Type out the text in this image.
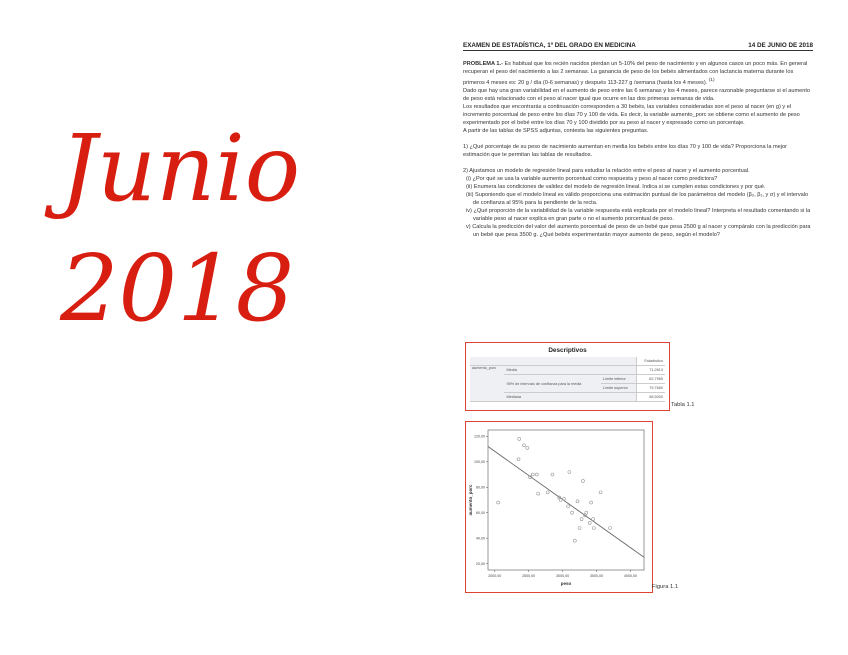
Junio
2018
EXAMEN DE ESTADÍSTICA, 1º DEL GRADO EN MEDICINA	14 DE JUNIO DE 2018

PROBLEMA 1.- Es habitual que los recién nacidos pierdan un 5-10% del peso de nacimiento y en algunos casos un poco más. En general recuperan el peso del nacimiento a las 2 semanas. La ganancia de peso de los bebés alimentados con lactancia materna durante los primeros 4 meses es: 20 g / día (0-6 semanas) y después 113-227 g /semana (hasta los 4 meses). $^{(1)}$

Dado que hay una gran variabilidad en el aumento de peso entre las 6 semanas y los 4 meses, parece razonable preguntarse si el aumento de peso está relacionado con el peso al nacer igual que ocurre en las dos primeras semanas de vida.

Los resultados que encontrarás a continuación corresponden a 30 bebés, las variables consideradas son el peso al nacer (en g) y el incremento porcentual de peso entre los días 70 y 100 de vida. Es decir, la variable aumento_porc se obtiene como el aumento de peso experimentado por el bebé entre los días 70 y 100 dividido por su peso al nacer y expresado como un porcentaje.

A partir de las tablas de SPSS adjuntas, contesta las siguientes preguntas.

1) ¿Qué porcentaje de su peso de nacimiento aumentan en media los bebés entre los días 70 y 100 de vida? Proporciona la mejor estimación que te permitan las tablas de resultados.

2) Ajustamos un modelo de regresión lineal para estudiar la relación entre el peso al nacer y el aumento porcentual.

(i) ¿Por qué se usa la variable aumento porcentual como respuesta y peso al nacer como predictora?

(ii) Enumera las condiciones de validez del modelo de regresión lineal. Indica si se cumplen estas condiciones y por qué.

(iii) Suponiendo que el modelo lineal es válido proporciona una estimación puntual de los parámetros del modelo (β₀, β₁, y σ) y el intervalo de confianza al 95% para la pendiente de la recta.

iv) ¿Qué proporción de la variabilidad de la variable respuesta está explicada por el modelo lineal? Interpreta el resultado comentando si la variable peso al nacer explica en gran parte o no el aumento porcentual de peso.

v) Calcula la predicción del valor del aumento porcentual de peso de un bebé que pesa 2500 g al nacer y compáralo con la predicción para un bebé que pesa 3500 g. ¿Qué bebés experimentarán mayor aumento de peso, según el modelo?

Descriptivos
			Estadístico
aumento_porc	Media		71,2613
	95% de intervalo de confianza para la media	Límite inferior	62,7965
		Límite superior	79,7660
	Mediana		68,5000
Tabla 1.1
2000,00	2500,00	3000,00	3500,00	4000,00
20,00
40,00
60,00
80,00
100,00
120,00
peso
aumento_porc
Figura 1.1
